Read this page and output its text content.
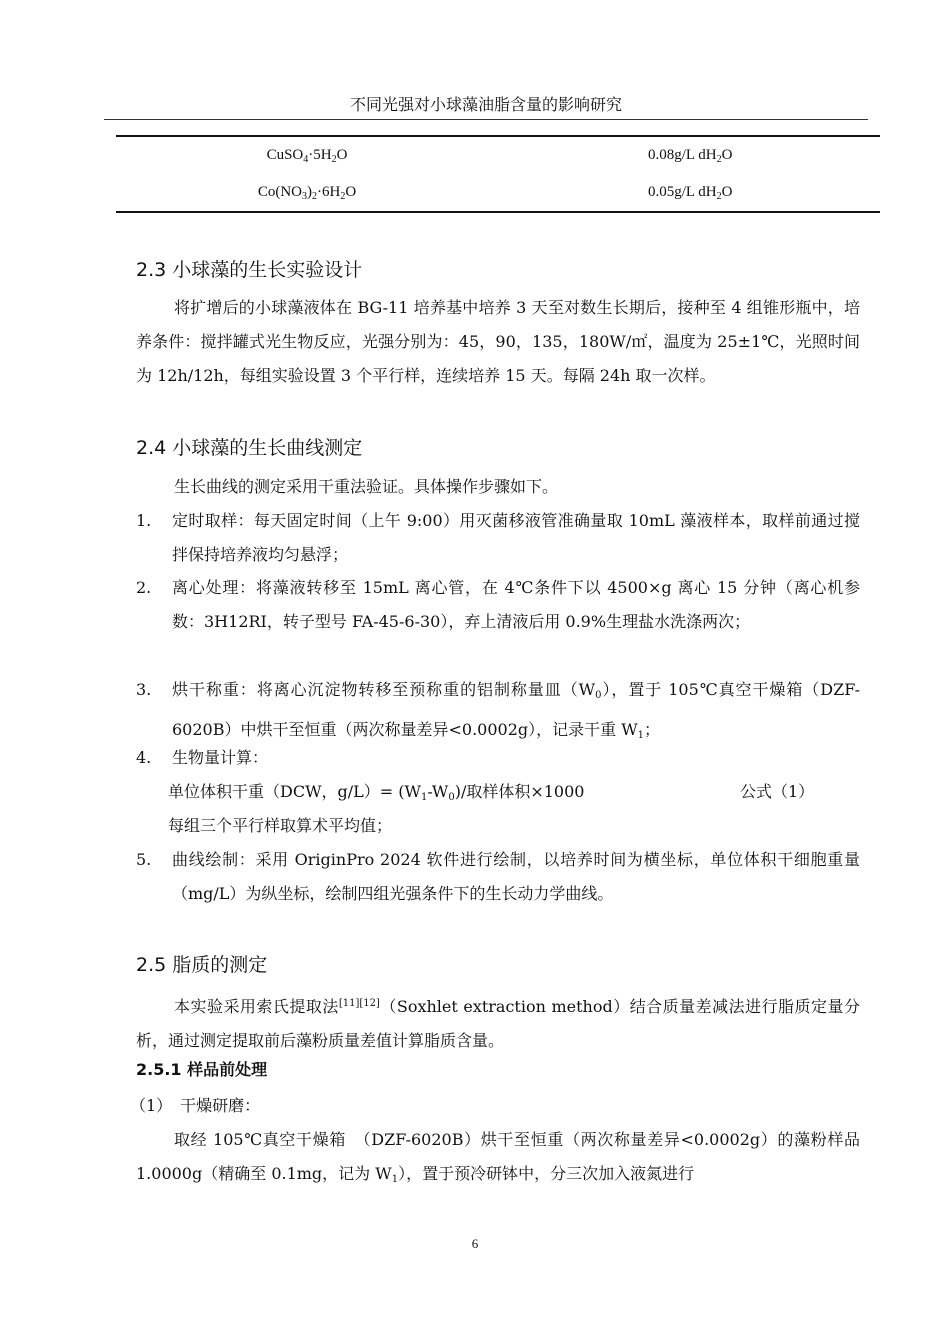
不同光强对小球藻油脂含量的影响研究
$CuSO_4\cdot 5H_2O$	0.08g/L $dH_2O$
$Co(NO_3)_2\cdot 6H_2O$	0.05g/L $dH_2O$
2.3 小球藻的生长实验设计
将扩增后的小球藻液体在 BG-11 培养基中培养 3 天至对数生长期后，接种至 4 组锥形瓶中，培养条件：搅拌罐式光生物反应，光强分别为：45，90，135，180W/㎡，温度为 25±1℃，光照时间为 12h/12h，每组实验设置 3 个平行样，连续培养 15 天。每隔 24h 取一次样。
2.4 小球藻的生长曲线测定
生长曲线的测定采用干重法验证。具体操作步骤如下。
1. 定时取样：每天固定时间（上午 9:00）用灭菌移液管准确量取 10mL 藻液样本，取样前通过搅拌保持培养液均匀悬浮；
2. 离心处理：将藻液转移至 15mL 离心管，在 4℃条件下以 4500×g 离心 15 分钟（离心机参数：3H12RI，转子型号 FA-45-6-30），弃上清液后用 0.9%生理盐水洗涤两次；
3. 烘干称重：将离心沉淀物转移至预称重的铝制称量皿$(W_0)$，置于 105℃真空干燥箱（DZF-6020B）中烘干至恒重（两次称量差异<0.0002g），记录干重 $W_1$；
4. 生物量计算：
单位体积干重（DCW，$g/L)= (W_1-W_0)/$取样体积×1000	公式（1）
每组三个平行样取算术平均值；
5. 曲线绘制：采用 OriginPro 2024 软件进行绘制，以培养时间为横坐标，单位体积干细胞重量（mg/L）为纵坐标，绘制四组光强条件下的生长动力学曲线。
2.5 脂质的测定
本实验采用索氏提取法[11][12]（Soxhlet extraction method）结合质量差减法进行脂质定量分析，通过测定提取前后藻粉质量差值计算脂质含量。
2.5.1 样品前处理
（1）　干燥研磨：
取经 105℃真空干燥箱　（DZF-6020B）烘干至恒重（两次称量差异<0.0002g）的藻粉样品 1.0000g（精确至 0.1mg，记为 $W_1$），置于预冷研钵中，分三次加入液氮进行
6
